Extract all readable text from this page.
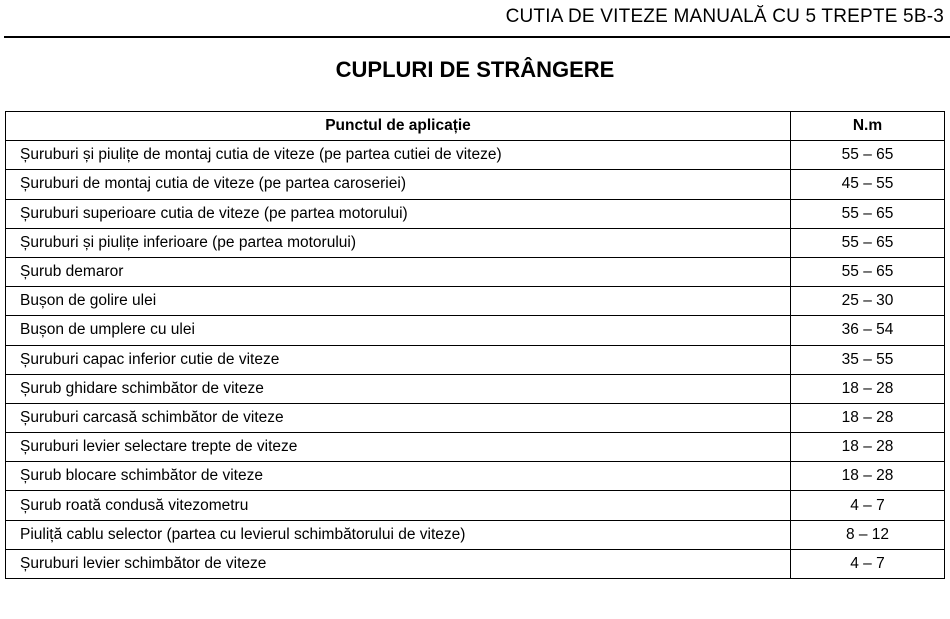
CUTIA DE VITEZE MANUALĂ CU 5 TREPTE 5B-3
CUPLURI DE STRÂNGERE
Punctul de aplicație	N.m
Șuruburi și piulițe de montaj cutia de viteze (pe partea cutiei de viteze)	55 – 65
Șuruburi de montaj cutia de viteze (pe partea caroseriei)	45 – 55
Șuruburi superioare cutia de viteze (pe partea motorului)	55 – 65
Șuruburi și piulițe inferioare (pe partea motorului)	55 – 65
Șurub demaror	55 – 65
Bușon de golire ulei	25 – 30
Bușon de umplere cu ulei	36 – 54
Șuruburi capac inferior cutie de viteze	35 – 55
Șurub ghidare schimbător de viteze	18 – 28
Șuruburi carcasă schimbător de viteze	18 – 28
Șuruburi levier selectare trepte de viteze	18 – 28
Șurub blocare schimbător de viteze	18 – 28
Șurub roată condusă vitezometru	4 – 7
Piuliță cablu selector (partea cu levierul schimbătorului de viteze)	8 – 12
Șuruburi levier schimbător de viteze	4 – 7
